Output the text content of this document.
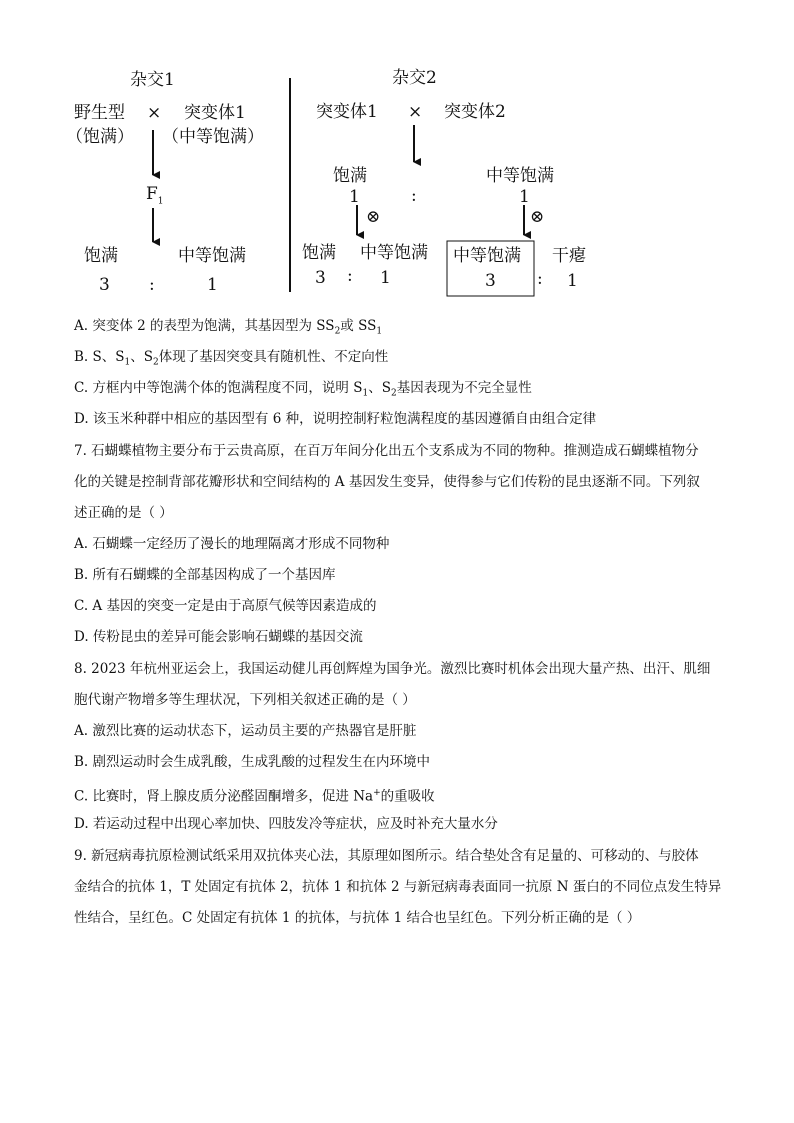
杂交1
野生型 × 突变体1
（饱满） （中等饱满）
$F_1$
饱满	中等饱满
3 :	1
杂交2
突变体1 × 突变体2
饱满
:
中等饱满
1	1
⊗	⊗
饱满 中等饱满
3 : 1
中等饱满
3 :
干瘪
1
A. 突变体 2 的表型为饱满，其基因型为 $SS_2$或 $SS_1$
B. S、$S_1$、$S_2$体现了基因突变具有随机性、不定向性
C. 方框内中等饱满个体的饱满程度不同，说明 $S_1$、$S_2$基因表现为不完全显性
D. 该玉米种群中相应的基因型有 6 种，说明控制籽粒饱满程度的基因遵循自由组合定律
7. 石蝴蝶植物主要分布于云贵高原，在百万年间分化出五个支系成为不同的物种。推测造成石蝴蝶植物分
化的关键是控制背部花瓣形状和空间结构的 A 基因发生变异，使得参与它们传粉的昆虫逐渐不同。下列叙
述正确的是（ ）
A. 石蝴蝶一定经历了漫长的地理隔离才形成不同物种
B. 所有石蝴蝶的全部基因构成了一个基因库
C. A 基因的突变一定是由于高原气候等因素造成的
D. 传粉昆虫的差异可能会影响石蝴蝶的基因交流
8. 2023 年杭州亚运会上，我国运动健儿再创辉煌为国争光。激烈比赛时机体会出现大量产热、出汗、肌细
胞代谢产物增多等生理状况，下列相关叙述正确的是（ ）
A. 激烈比赛的运动状态下，运动员主要的产热器官是肝脏
B. 剧烈运动时会生成乳酸，生成乳酸的过程发生在内环境中
C. 比赛时，肾上腺皮质分泌醛固酮增多，促进 Na+的重吸收
D. 若运动过程中出现心率加快、四肢发冷等症状，应及时补充大量水分
9. 新冠病毒抗原检测试纸采用双抗体夹心法，其原理如图所示。结合垫处含有足量的、可移动的、与胶体
金结合的抗体 1，T 处固定有抗体 2，抗体 1 和抗体 2 与新冠病毒表面同一抗原 N 蛋白的不同位点发生特异
性结合，呈红色。C 处固定有抗体 1 的抗体，与抗体 1 结合也呈红色。下列分析正确的是（ ）
